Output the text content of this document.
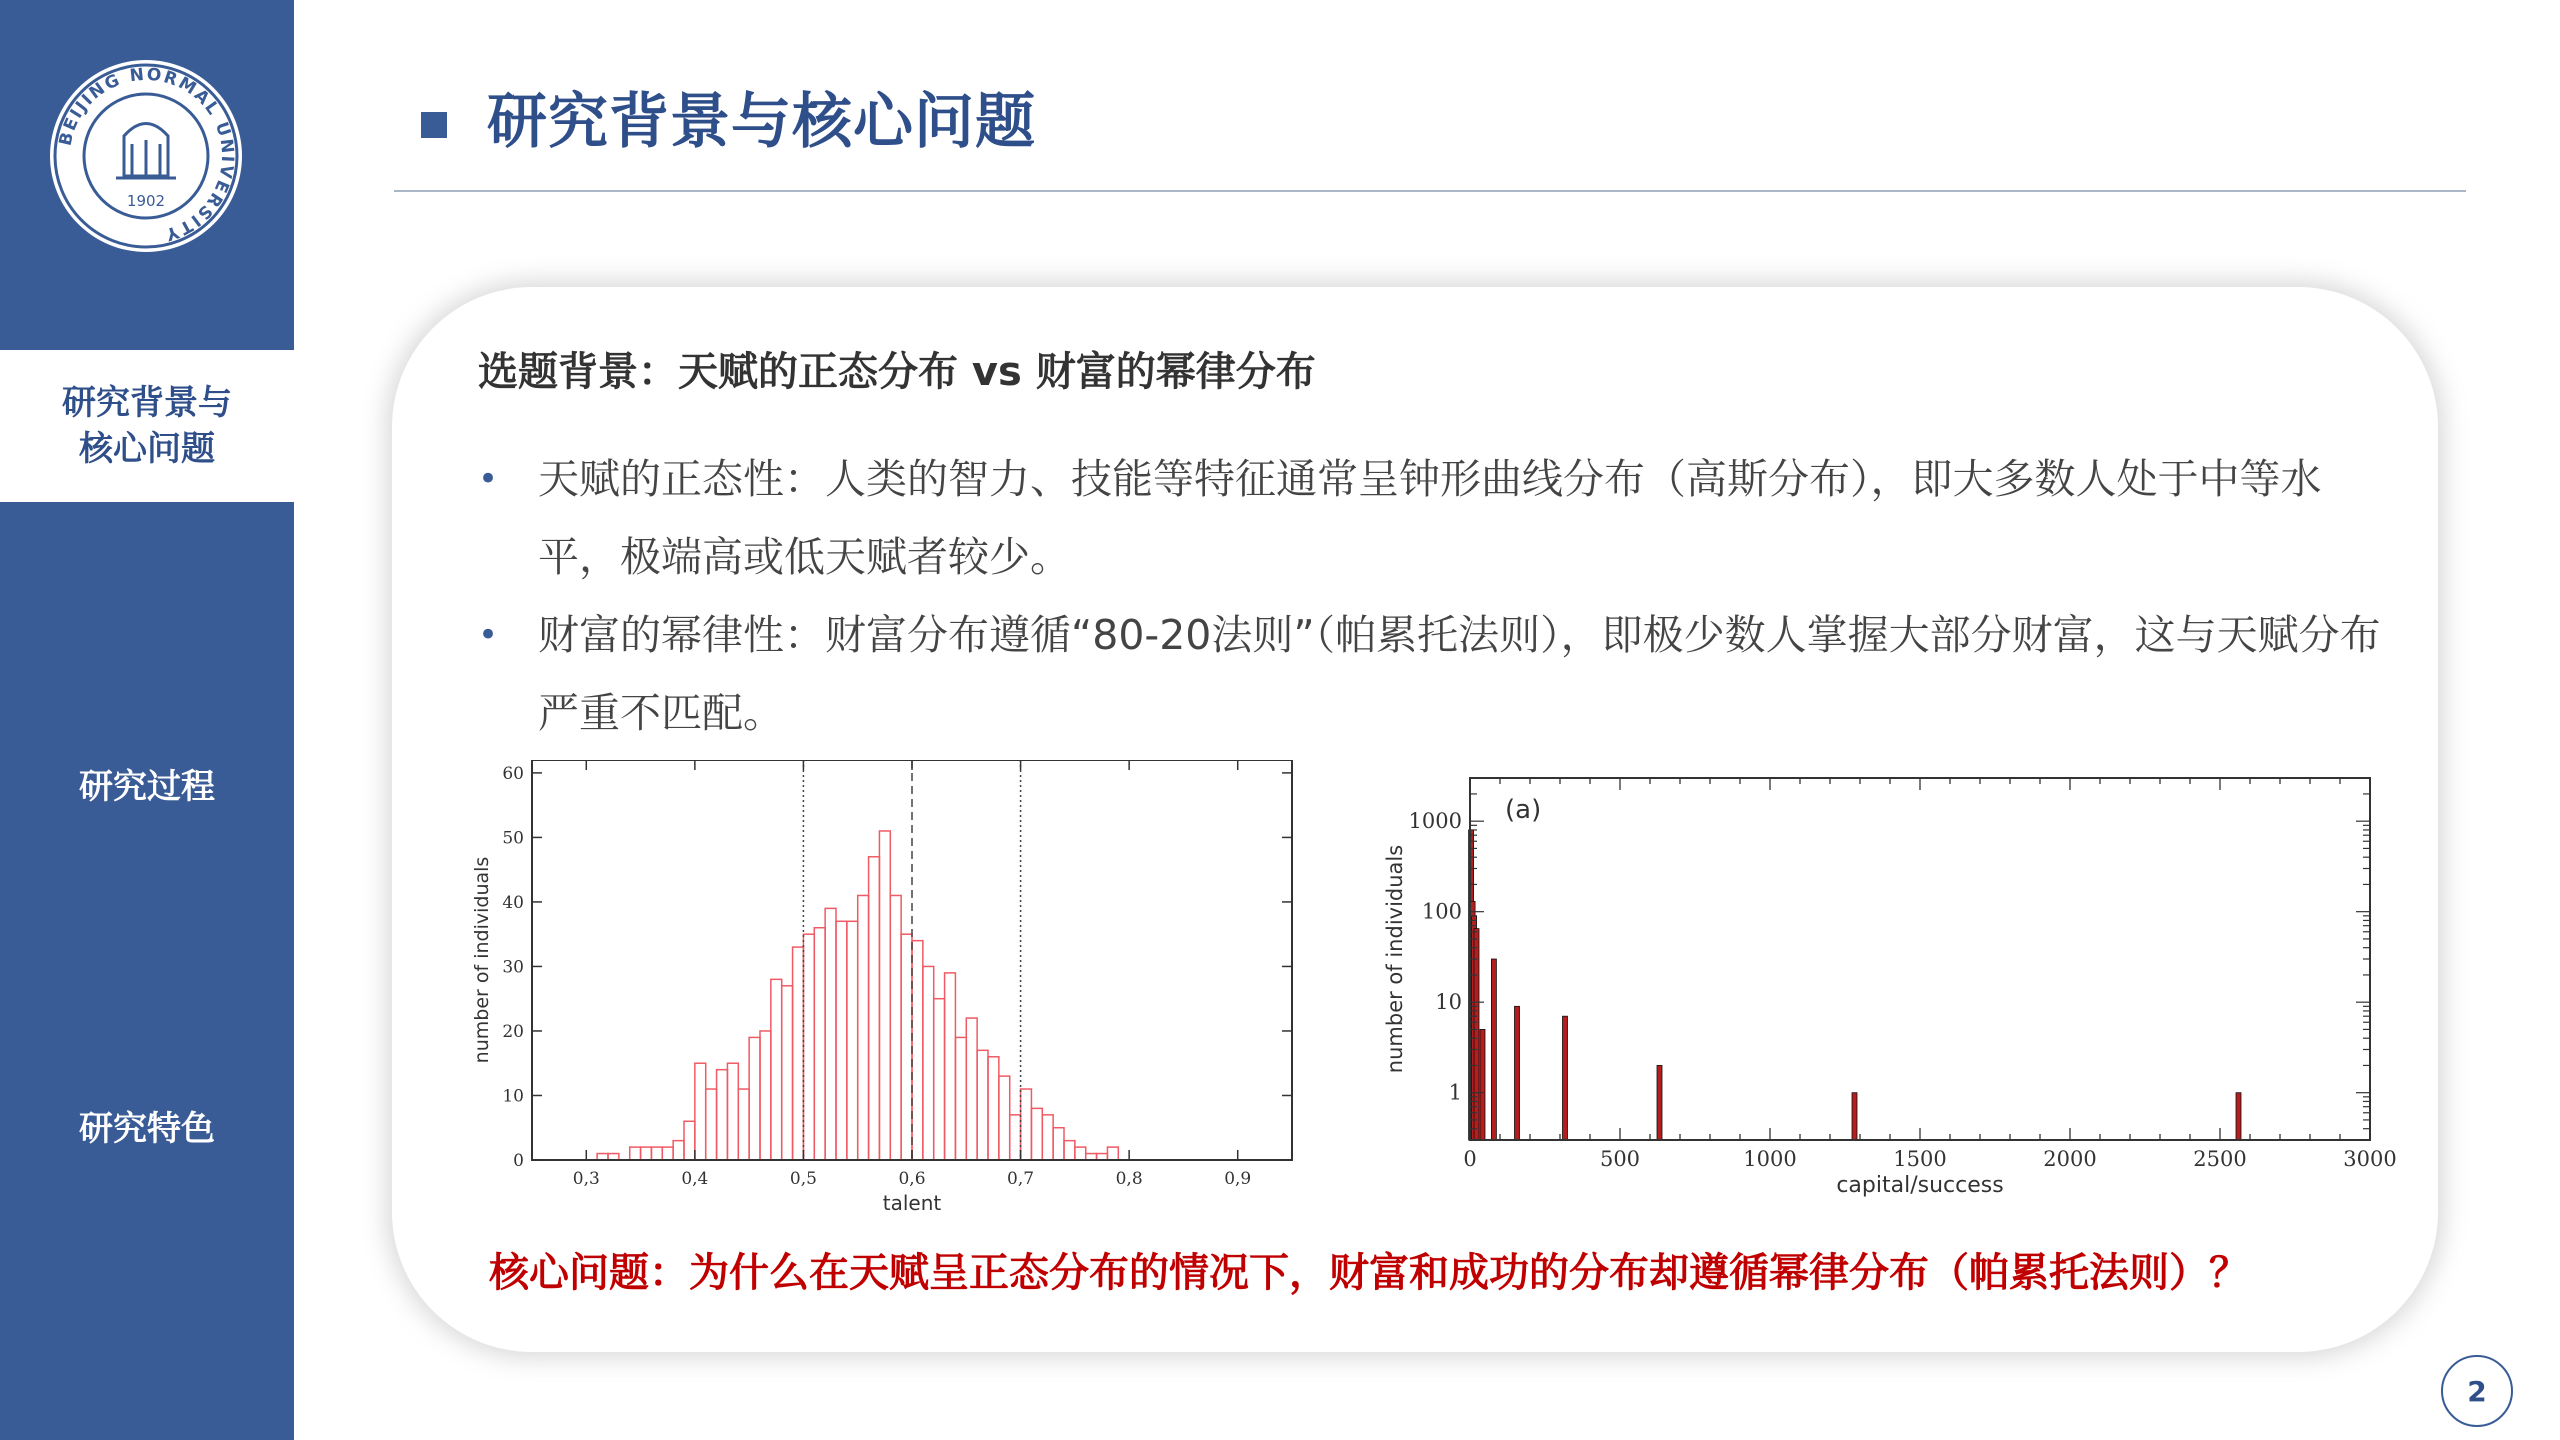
BEIJING NORMAL UNIVERSITY
1902
研究背景与
核心问题
研究过程
研究特色
研究背景与核心问题
选题背景：天赋的正态分布 vs 财富的幂律分布
• 天赋的正态性：人类的智力、技能等特征通常呈钟形曲线分布（高斯分布），即大多数人处于中等水平，极端高或低天赋者较少。
• 财富的幂律性：财富分布遵循“80-20法则”（帕累托法则），即极少数人掌握大部分财富，这与天赋分布严重不匹配。
0,3	0,4	0,5	0,6	0,7	0,8	0,9
0
10
20
30
40
50
60
talent
number of individuals
0	500	1000	1500	2000	2500	3000
1
10
100
1000 (a)
capital/success
number of individuals
核心问题：为什么在天赋呈正态分布的情况下，财富和成功的分布却遵循幂律分布（帕累托法则）？
2
